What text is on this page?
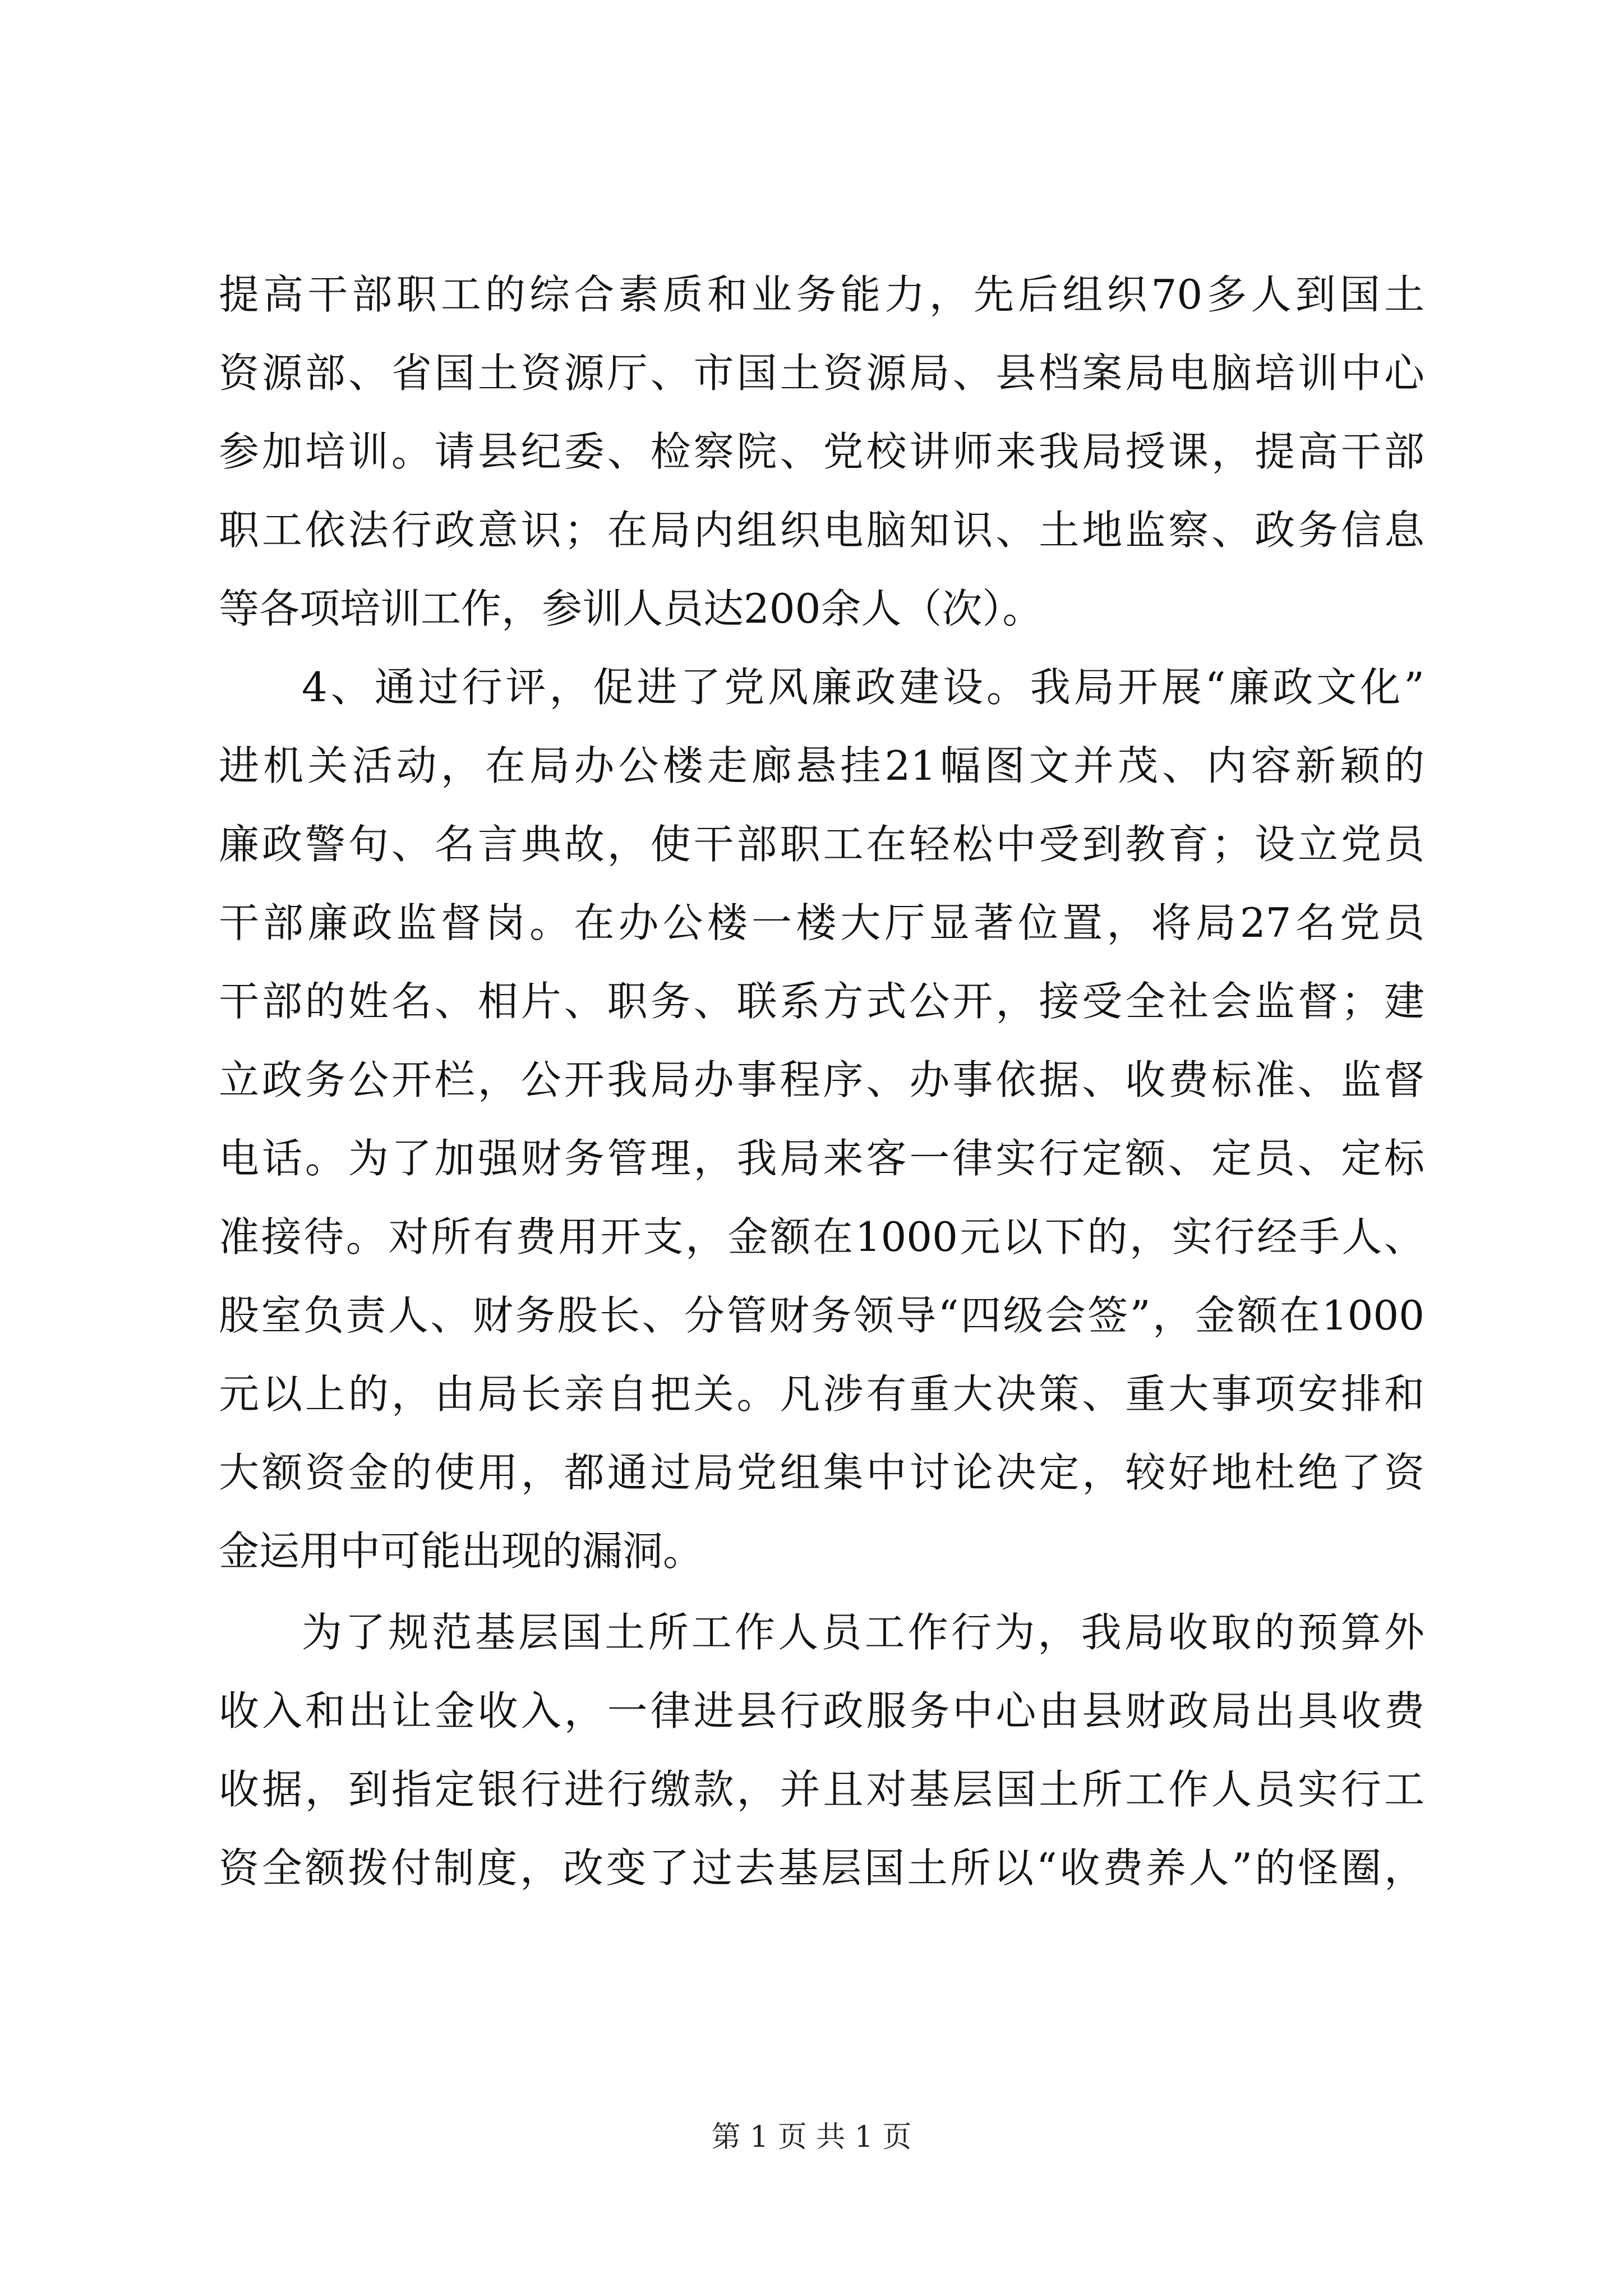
提高干部职工的综合素质和业务能力，先后组织70多人到国土
资源部、省国土资源厅、市国土资源局、县档案局电脑培训中心
参加培训。请县纪委、检察院、党校讲师来我局授课，提高干部
职工依法行政意识；在局内组织电脑知识、土地监察、政务信息
等各项培训工作，参训人员达200余人（次）。
4、通过行评，促进了党风廉政建设。我局开展“廉政文化”
进机关活动，在局办公楼走廊悬挂21幅图文并茂、内容新颖的
廉政警句、名言典故，使干部职工在轻松中受到教育；设立党员
干部廉政监督岗。在办公楼一楼大厅显著位置，将局27名党员
干部的姓名、相片、职务、联系方式公开，接受全社会监督；建
立政务公开栏，公开我局办事程序、办事依据、收费标准、监督
电话。为了加强财务管理，我局来客一律实行定额、定员、定标
准接待。对所有费用开支，金额在1000元以下的，实行经手人、
股室负责人、财务股长、分管财务领导“四级会签”，金额在1000
元以上的，由局长亲自把关。凡涉有重大决策、重大事项安排和
大额资金的使用，都通过局党组集中讨论决定，较好地杜绝了资
金运用中可能出现的漏洞。
为了规范基层国土所工作人员工作行为，我局收取的预算外
收入和出让金收入，一律进县行政服务中心由县财政局出具收费
收据，到指定银行进行缴款，并且对基层国土所工作人员实行工
资全额拨付制度，改变了过去基层国土所以“收费养人”的怪圈，
第 1 页 共 1 页
